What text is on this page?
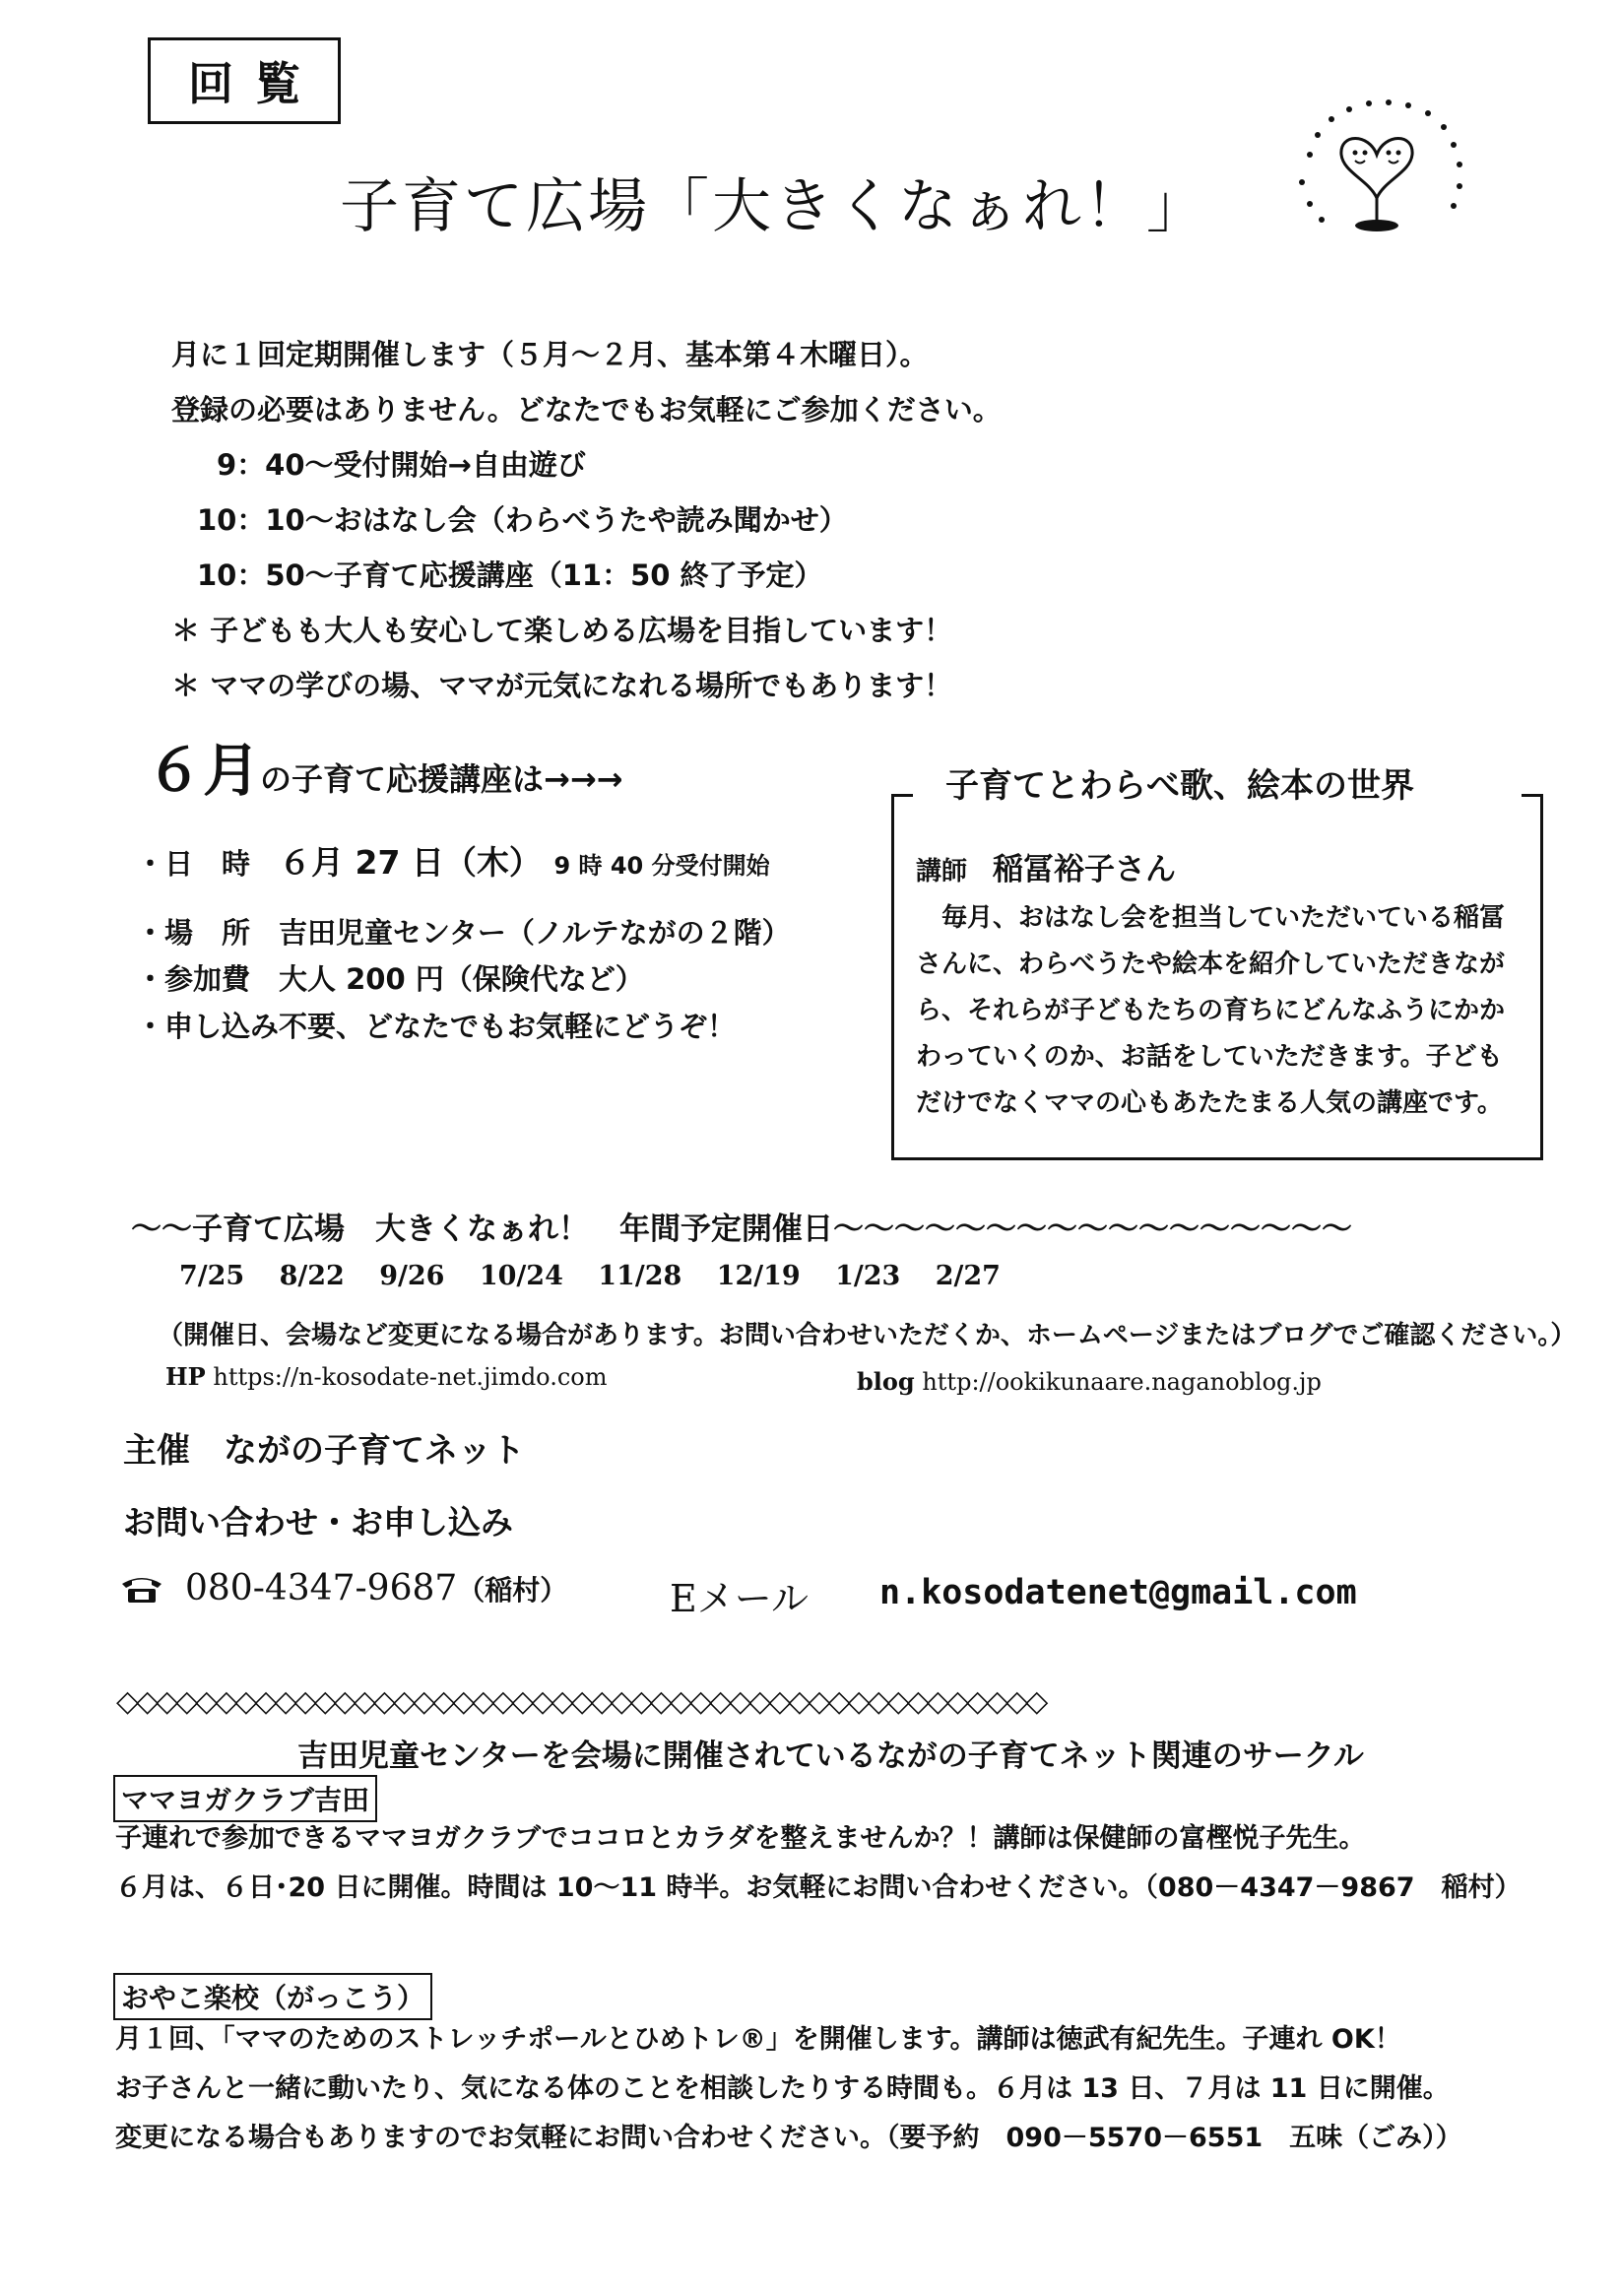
回覧
子育て広場「大きくなぁれ！」
月に１回定期開催します（５月～２月、基本第４木曜日）。
登録の必要はありません。どなたでもお気軽にご参加ください。
9：40～受付開始→自由遊び
10：10～おはなし会（わらべうたや読み聞かせ）
10：50～子育て応援講座（11：50 終了予定）
＊ 子どもも大人も安心して楽しめる広場を目指しています！
＊ ママの学びの場、ママが元気になれる場所でもあります！
６月の子育て応援講座は→→→
・日　時　 ６月 27 日（木）　 9 時 40 分受付開始
・場　所　吉田児童センター（ノルテながの２階）
・参加費　大人 200 円（保険代など）
・申し込み不要、どなたでもお気軽にどうぞ！
子育てとわらべ歌、絵本の世界
講師　 稲冨裕子さん

　毎月、おはなし会を担当していただいている稲冨さんに、わらべうたや絵本を紹介していただきながら、それらが子どもたちの育ちにどんなふうにかかわっていくのか、お話をしていただきます。子どもだけでなくママの心もあたたまる人気の講座です。

～～子育て広場　大きくなぁれ！　年間予定開催日～～～～～～～～～～～～～～～～～
7/25 8/22 9/26 10/24 11/28 12/19 1/23 2/27
（開催日、会場など変更になる場合があります。お問い合わせいただくか、ホームページまたはブログでご確認ください。）
HP https://n-kosodate-net.jimdo.com	blog http://ookikunaare.naganoblog.jp
主催　ながの子育てネット
お問い合わせ・お申し込み
080-4347-9687（稲村）	Eメール n.kosodatenet@gmail.com
◇◇◇◇◇◇◇◇◇◇◇◇◇◇◇◇◇◇◇◇◇◇◇◇◇◇◇◇◇◇◇◇◇◇◇◇◇◇◇◇◇◇◇◇◇◇◇
吉田児童センターを会場に開催されているながの子育てネット関連のサークル
ママヨガクラブ吉田
子連れで参加できるママヨガクラブでココロとカラダを整えませんか？！講師は保健師の富樫悦子先生。
６月は、６日･20 日に開催。時間は 10～11 時半。お気軽にお問い合わせください。（080－4347－9867　稲村）
おやこ楽校（がっこう）
月１回、「ママのためのストレッチポールとひめトレ®」を開催します。講師は徳武有紀先生。子連れ OK！
お子さんと一緒に動いたり、気になる体のことを相談したりする時間も。６月は 13 日、７月は 11 日に開催。
変更になる場合もありますのでお気軽にお問い合わせください。（要予約　090－5570－6551　五味（ごみ））
